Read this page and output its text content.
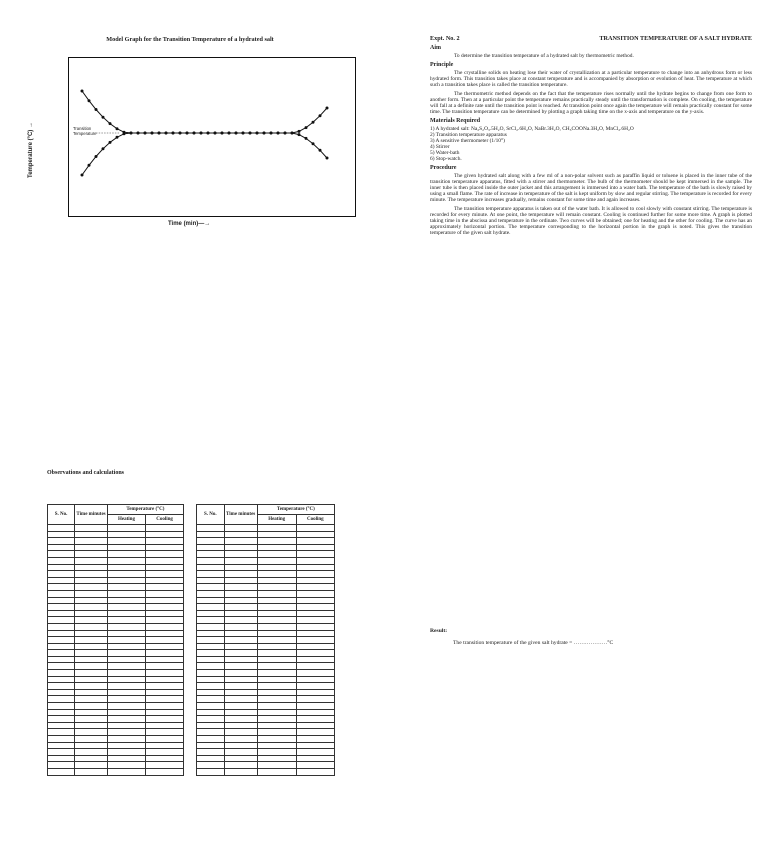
Model Graph for the Transition Temperature of a hydrated salt
Temperature (°C) →
Time (min)—→
Transition
Temperature
Expt. No. 2	TRANSITION TEMPERATURE OF A SALT HYDRATE
Aim

To determine the transition temperature of a hydrated salt by thermometric method.

Principle

The crystalline solids on heating lose their water of crystallization at a particular temperature to change into an anhydrous form or less hydrated form. This transition takes place at constant temperature and is accompanied by absorption or evolution of heat. The temperature at which such a transition takes place is called the transition temperature.

The thermometric method depends on the fact that the temperature rises normally until the hydrate begins to change from one form to another form. Then at a particular point the temperature remains practically steady until the transformation is complete. On cooling, the temperature will fall at a definite rate until the transition point is reached. At transition point once again the temperature will remain practically constant for some time. The transition temperature can be determined by plotting a graph taking time on the x-axis and temperature on the y-axis.

Materials Required

1) A hydrated salt: Na₂S₂O₃.5H₂O, SrCl₂.6H₂O, NaBr.3H₂O, CH₃COONa.3H₂O, MnCl₂.6H₂O

2) Transition temperature apparatus

3) A sensitive thermometer (1/10°)

4) Stirrer

5) Water-bath

6) Stop-watch.

Procedure

The given hydrated salt along with a few ml of a non-polar solvent such as paraffin liquid or toluene is placed in the inner tube of the transition temperature apparatus, fitted with a stirrer and thermometer. The bulb of the thermometer should be kept immersed in the sample. The inner tube is then placed inside the outer jacket and this arrangement is immersed into a water bath. The temperature of the bath is slowly raised by using a small flame. The rate of increase in temperature of the salt is kept uniform by slow and regular stirring. The temperature is recorded for every minute. The temperature increases gradually, remains constant for some time and again increases.

The transition temperature apparatus is taken out of the water bath. It is allowed to cool slowly with constant stirring. The temperature is recorded for every minute. At one point, the temperature will remain constant. Cooling is continued further for some more time. A graph is plotted taking time in the abscissa and temperature in the ordinate. Two curves will be obtained; one for heating and the other for cooling. The curve has an approximately horizontal portion. The temperature corresponding to the horizontal portion in the graph is noted. This gives the transition temperature of the given salt hydrate.

Observations and calculations
S. No.	Time minutes	Temperature (°C)	
		Heating	Cooling

S. No.	Time minutes	Temperature (°C)	
		Heating	Cooling

Result:
The transition temperature of the given salt hydrate = ………………°C
